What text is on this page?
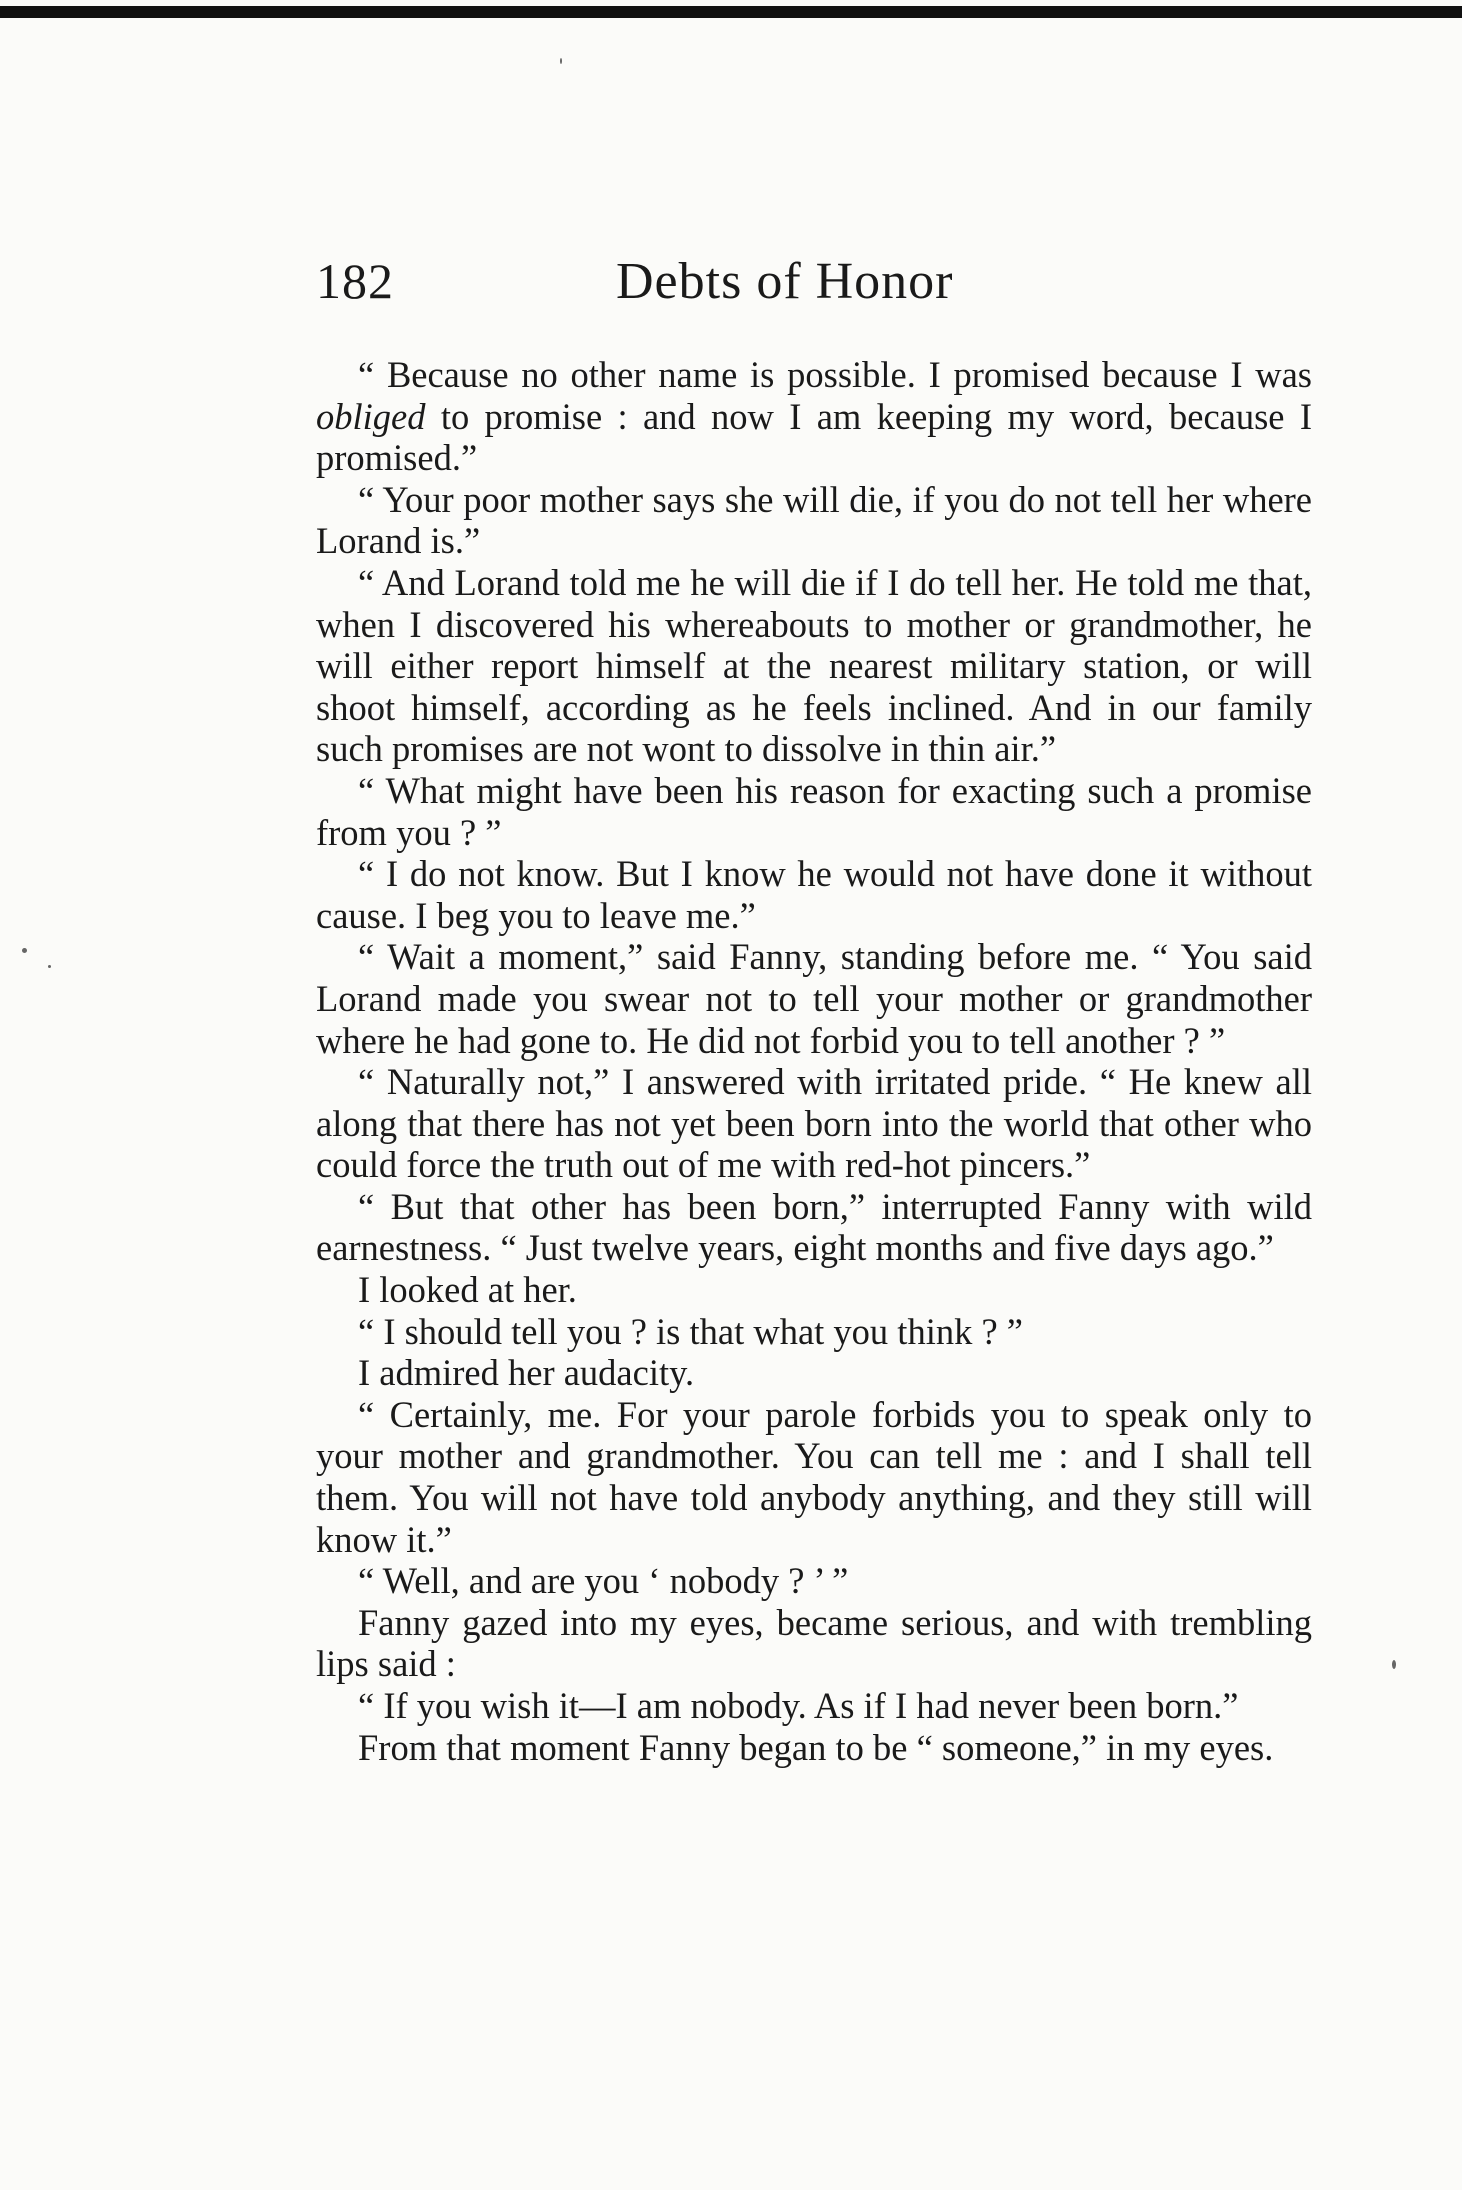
182	Debts of Honor

“ Because no other name is possible. I promised because I was obliged to promise : and now I am keeping my word, because I promised.”

“ Your poor mother says she will die, if you do not tell her where Lorand is.”

“ And Lorand told me he will die if I do tell her. He told me that, when I discovered his whereabouts to mother or grandmother, he will either report himself at the nearest military station, or will shoot himself, according as he feels inclined. And in our family such promises are not wont to dissolve in thin air.”

“ What might have been his reason for exacting such a promise from you ? ”

“ I do not know. But I know he would not have done it without cause. I beg you to leave me.”

“ Wait a moment,” said Fanny, standing before me. “ You said Lorand made you swear not to tell your mother or grandmother where he had gone to. He did not forbid you to tell another ? ”

“ Naturally not,” I answered with irritated pride. “ He knew all along that there has not yet been born into the world that other who could force the truth out of me with red-hot pincers.”

“ But that other has been born,” interrupted Fanny with wild earnestness. “ Just twelve years, eight months and five days ago.”

I looked at her.

“ I should tell you ? is that what you think ? ”

I admired her audacity.

“ Certainly, me. For your parole forbids you to speak only to your mother and grandmother. You can tell me : and I shall tell them. You will not have told anybody anything, and they still will know it.”

“ Well, and are you ‘ nobody ? ’ ”

Fanny gazed into my eyes, became serious, and with trembling lips said :

“ If you wish it—I am nobody. As if I had never been born.”

From that moment Fanny began to be “ someone,” in my eyes.
